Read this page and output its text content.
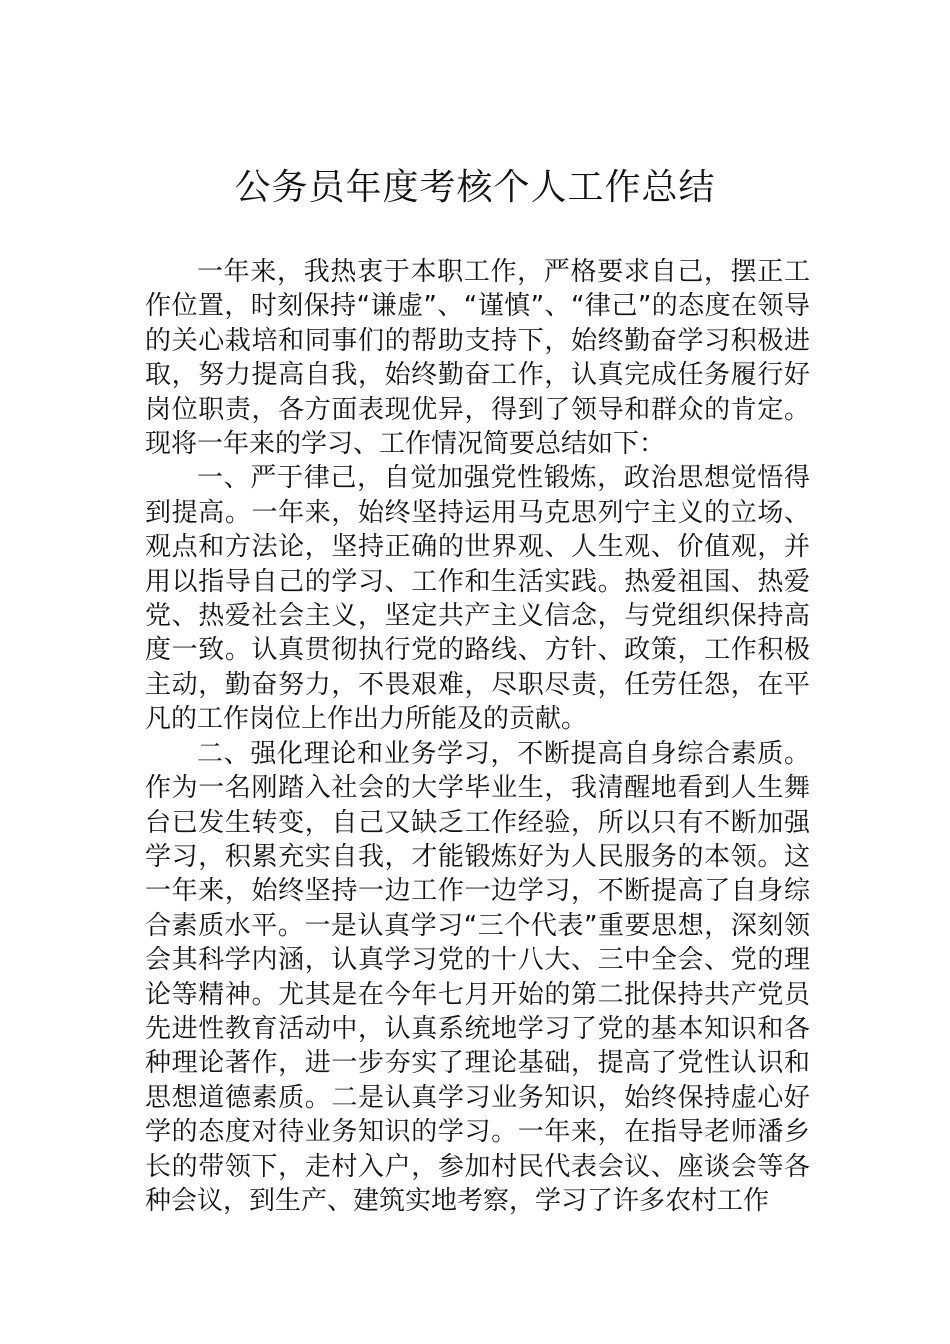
公务员年度考核个人工作总结

一年来，我热衷于本职工作，严格要求自己，摆正工作位置，时刻保持“谦虚”、“谨慎”、“律己”的态度在领导的关心栽培和同事们的帮助支持下，始终勤奋学习积极进取，努力提高自我，始终勤奋工作，认真完成任务履行好岗位职责，各方面表现优异，得到了领导和群众的肯定。现将一年来的学习、工作情况简要总结如下：

一、严于律己，自觉加强党性锻炼，政治思想觉悟得到提高。一年来，始终坚持运用马克思列宁主义的立场、观点和方法论，坚持正确的世界观、人生观、价值观，并用以指导自己的学习、工作和生活实践。热爱祖国、热爱党、热爱社会主义，坚定共产主义信念，与党组织保持高度一致。认真贯彻执行党的路线、方针、政策，工作积极主动，勤奋努力，不畏艰难，尽职尽责，任劳任怨，在平凡的工作岗位上作出力所能及的贡献。

二、强化理论和业务学习，不断提高自身综合素质。作为一名刚踏入社会的大学毕业生，我清醒地看到人生舞台已发生转变，自己又缺乏工作经验，所以只有不断加强学习，积累充实自我，才能锻炼好为人民服务的本领。这一年来，始终坚持一边工作一边学习，不断提高了自身综合素质水平。一是认真学习“三个代表”重要思想，深刻领会其科学内涵，认真学习党的十八大、三中全会、党的理论等精神。尤其是在今年七月开始的第二批保持共产党员先进性教育活动中，认真系统地学习了党的基本知识和各种理论著作，进一步夯实了理论基础，提高了党性认识和思想道德素质。二是认真学习业务知识，始终保持虚心好学的态度对待业务知识的学习。一年来，在指导老师潘乡长的带领下，走村入户，参加村民代表会议、座谈会等各种会议，到生产、建筑实地考察，学习了许多农村工作
